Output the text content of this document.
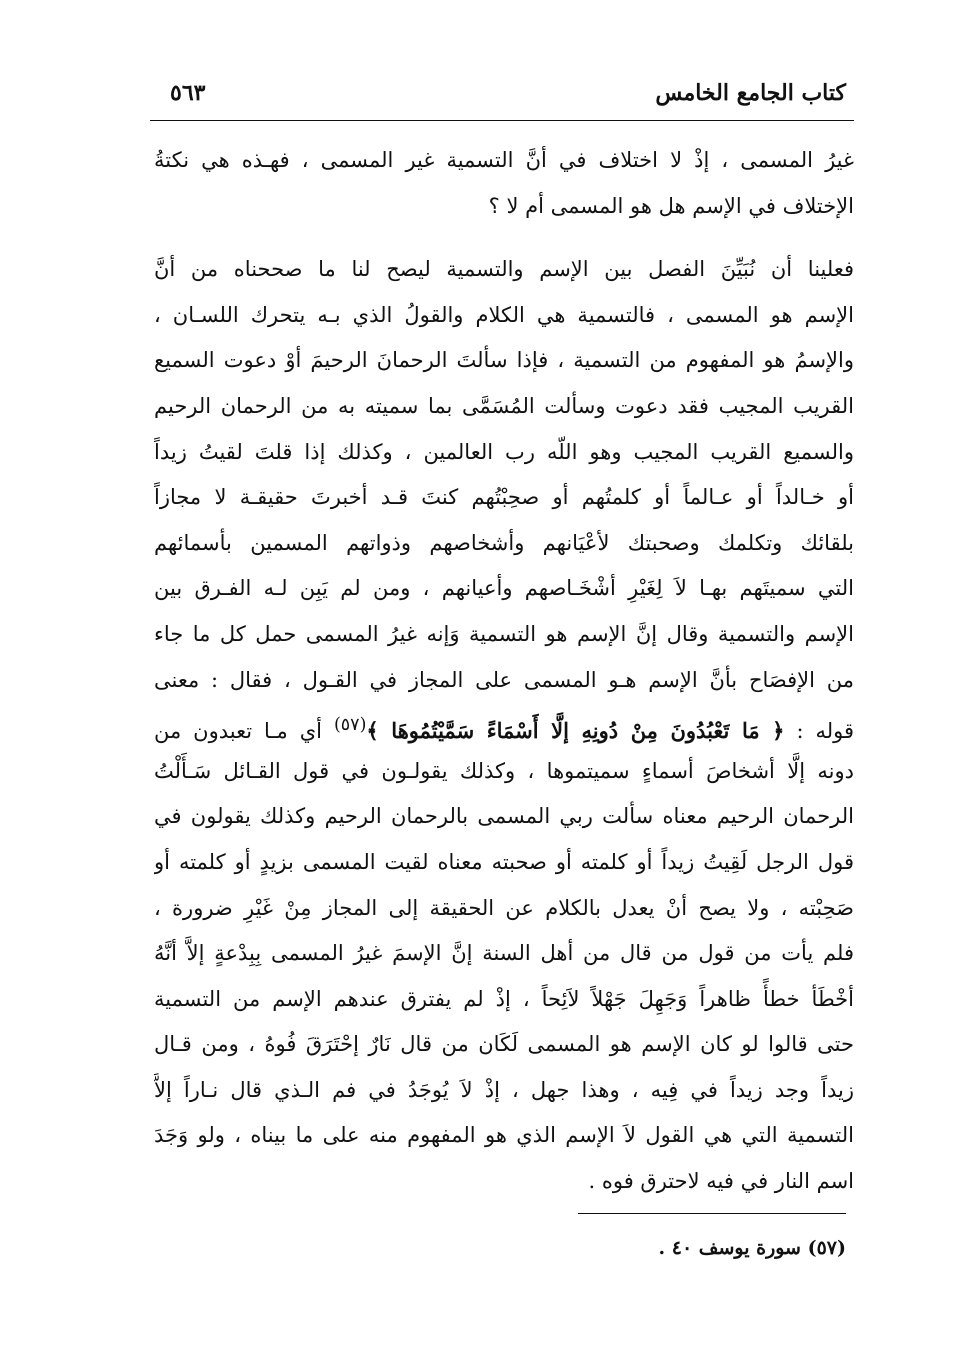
كتاب الجامع الخامس
٥٦٣
غيرُ المسمى ، إذْ لا اختلاف في أنَّ التسمية غير المسمى ، فهـذه هي نكتةُ
الإختلاف في الإسم هل هو المسمى أم لا ؟
فعلينا أن نُبَيِّنَ الفصل بين الإسم والتسمية ليصح لنا ما صححناه من أنَّ
الإسم هو المسمى ، فالتسمية هي الكلام والقولُ الذي بـه يتحرك اللسـان ،
والإسمُ هو المفهوم من التسمية ، فإذا سألتَ الرحمانَ الرحيمَ أوْ دعوت السميع
القريب المجيب فقد دعوت وسألت المُسَمَّى بما سميته به من الرحمان الرحيم
والسميع القريب المجيب وهو اللّه رب العالمين ، وكذلك إذا قلتَ لقيتُ زيداً
أو خـالداً أو عـالماً أو كلمتُهم أو صحِبْتُهم كنتَ قـد أخبرتَ حقيقـة لا مجازاً
بلقائك وتكلمك وصحبتك لأعْيَانهم وأشخاصهم وذواتهم المسمين بأسمائهم
التي سميتَهم بهـا لاَ لِغَيْرِ أشْخَـاصهم وأعيانهم ، ومن لم يَبِن لـه الفـرق بين
الإسم والتسمية وقال إنَّ الإسم هو التسمية وَإنه غيرُ المسمى حمل كل ما جاء
من الإفصَاح بأنَّ الإسم هـو المسمى على المجاز في القـول ، فقال : معنى
قوله : ﴿ مَا تَعْبُدُونَ مِنْ دُونِهِ إلَّا أَسْمَاءً سَمَّيْتُمُوهَا ﴾$^{(٥٧)}$ أي مـا تعبدون من
دونه إلَّا أشخاصَ أسماءٍ سميتموها ، وكذلك يقولـون في قول القـائل سَـأَلْتُ
الرحمان الرحيم معناه سألت ربي المسمى بالرحمان الرحيم وكذلك يقولون في
قول الرجل لَقِيتُ زيداً أو كلمته أو صحبته معناه لقيت المسمى بزيدٍ أو كلمته أو
صَحِبْته ، ولا يصح أنْ يعدل بالكلام عن الحقيقة إلى المجاز مِنْ غَيْرِ ضرورة ،
فلم يأت من قول من قال من أهل السنة إنَّ الإسمَ غيرُ المسمى بِبِدْعةٍ إلاَّ أنَّهُ
أخْطَأ خطأً ظاهراً وَجَهِلَ جَهْلاً لاَئِحاً ، إذْ لم يفترق عندهم الإسم من التسمية
حتى قالوا لو كان الإسم هو المسمى لَكَان من قال نَارٌ إحْتَرَقَ فُوهُ ، ومن قـال
زيداً وجد زيداً في فِيه ، وهذا جهل ، إذْ لاَ يُوجَدُ في فم الـذي قال نـاراً إلاَّ
التسمية التي هي القول لاَ الإسم الذي هو المفهوم منه على ما بيناه ، ولو وَجَدَ
اسم النار في فيه لاحترق فوه .
(٥٧) سورة يوسف ٤٠ .
